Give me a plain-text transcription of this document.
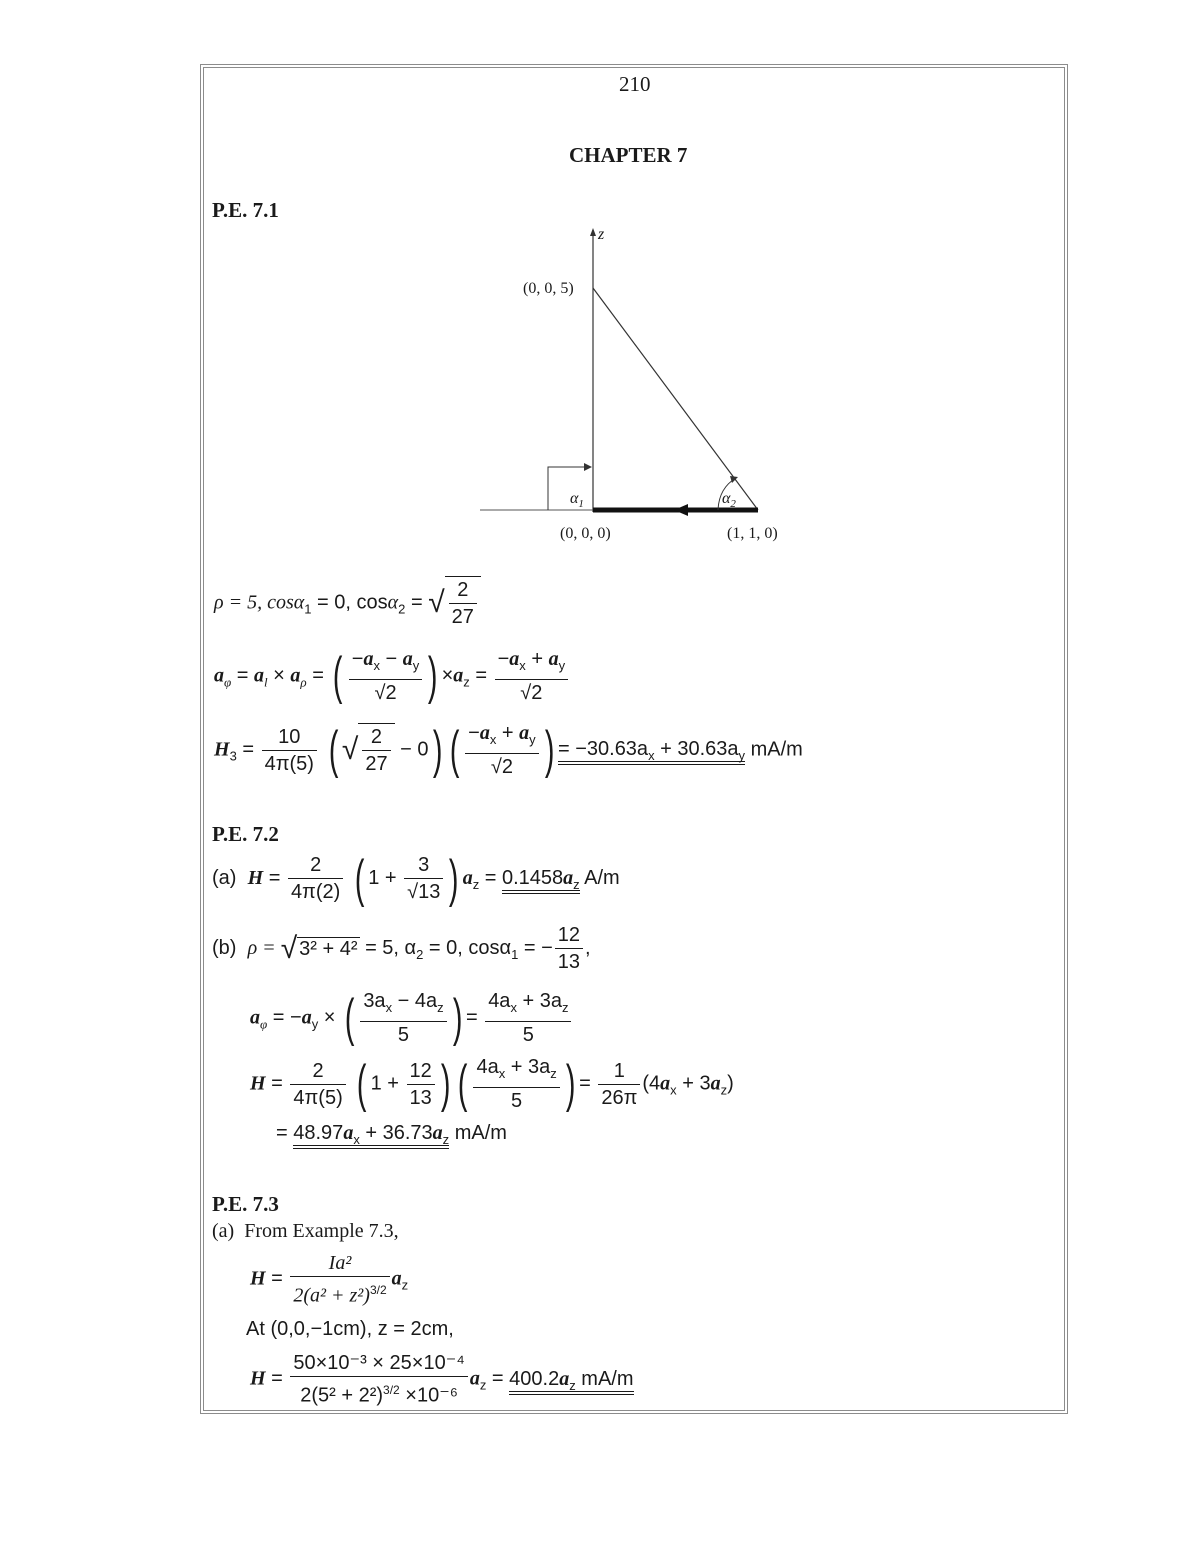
210
CHAPTER 7
P.E. 7.1
z
(0, 0, 5)
(0, 0, 0)	(1, 1, 0)
$\alpha_1$	$\alpha_2$
ρ = 5, cosα$_1$ = 0, cosα$_2$ = √ $\frac{2}{27}$
$a_\varphi = a_l \times a_\rho$ = ( $\frac{-a_x - a_y}{√2}$ ) $\times a_z = \frac{-a_x + a_y}{√2}$
$H_3 = \frac{10}{4\pi(5)}$ ( √ $\frac{2}{27} - 0$) ( $\frac{-a_x + a_y}{√2}$ ) = $-30.63a_x + 30.63a_y$ mA/m
P.E. 7.2
(a) $H = \frac{2}{4\pi(2)}$ ( $1 + \frac{3}{√13}$ ) $a_z = 0.1458a_z$ A/m
(b) ρ = √ 3² + 4² = 5, $\alpha_2 = 0$, cosα$_1$ = − $\frac{12}{13}$ ,
$a_\varphi = -a_y$ × ( $\frac{3a_x - 4a_z}{5}$ ) = $\frac{4a_x + 3a_z}{5}$
$H = \frac{2}{4\pi(5)}$ ( $1 + \frac{12}{13}$ ) ( $\frac{4a_x + 3a_z}{5}$ ) = $\frac{1}{26\pi} (4a_x + 3a_z)$
= $48.97a_x + 36.73a_z$ mA/m
P.E. 7.3
(a) From Example 7.3,
$H = \frac{\text{Ia²}}{2(a^2 + z^2)^{3/2}} a_z$
At (0,0,−1cm), z = 2cm,
$H = \frac{\text{50×10⁻³ × 25×10⁻⁴}}{2(5^2 + 2^2)^{3/2} \times 10^{-6}} a_z = 400.2a_z$ mA/m
